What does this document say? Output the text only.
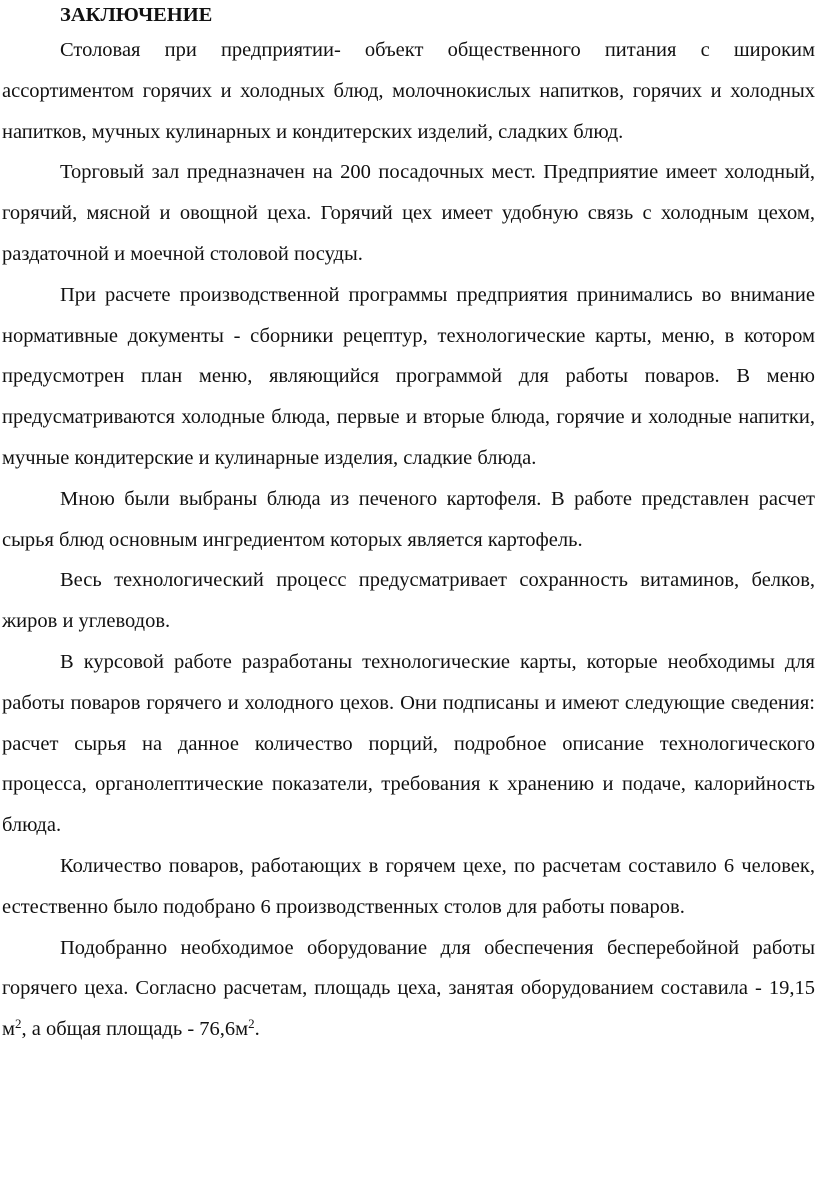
ЗАКЛЮЧЕНИЕ

Столовая при предприятии- объект общественного питания с широким ассортиментом горячих и холодных блюд, молочнокислых напитков, горячих и холодных напитков, мучных кулинарных и кондитерских изделий, сладких блюд.

Торговый зал предназначен на 200 посадочных мест. Предприятие имеет холодный, горячий, мясной и овощной цеха. Горячий цех имеет удобную связь с холодным цехом, раздаточной и моечной столовой посуды.

При расчете производственной программы предприятия принимались во внимание нормативные документы - сборники рецептур, технологические карты, меню, в котором предусмотрен план меню, являющийся программой для работы поваров. В меню предусматриваются холодные блюда, первые и вторые блюда, горячие и холодные напитки, мучные кондитерские и кулинарные изделия, сладкие блюда.

Мною были выбраны блюда из печеного картофеля. В работе представлен расчет сырья блюд основным ингредиентом которых является картофель.

Весь технологический процесс предусматривает сохранность витаминов, белков, жиров и углеводов.

В курсовой работе разработаны технологические карты, которые необходимы для работы поваров горячего и холодного цехов. Они подписаны и имеют следующие сведения: расчет сырья на данное количество порций, подробное описание технологического процесса, органолептические показатели, требования к хранению и подаче, калорийность блюда.

Количество поваров, работающих в горячем цехе, по расчетам составило 6 человек, естественно было подобрано 6 производственных столов для работы поваров.

Подобранно необходимое оборудование для обеспечения бесперебойной работы горячего цеха. Согласно расчетам, площадь цеха, занятая оборудованием составила - 19,15 $м^2$, а общая площадь - $76,6м^2$.
